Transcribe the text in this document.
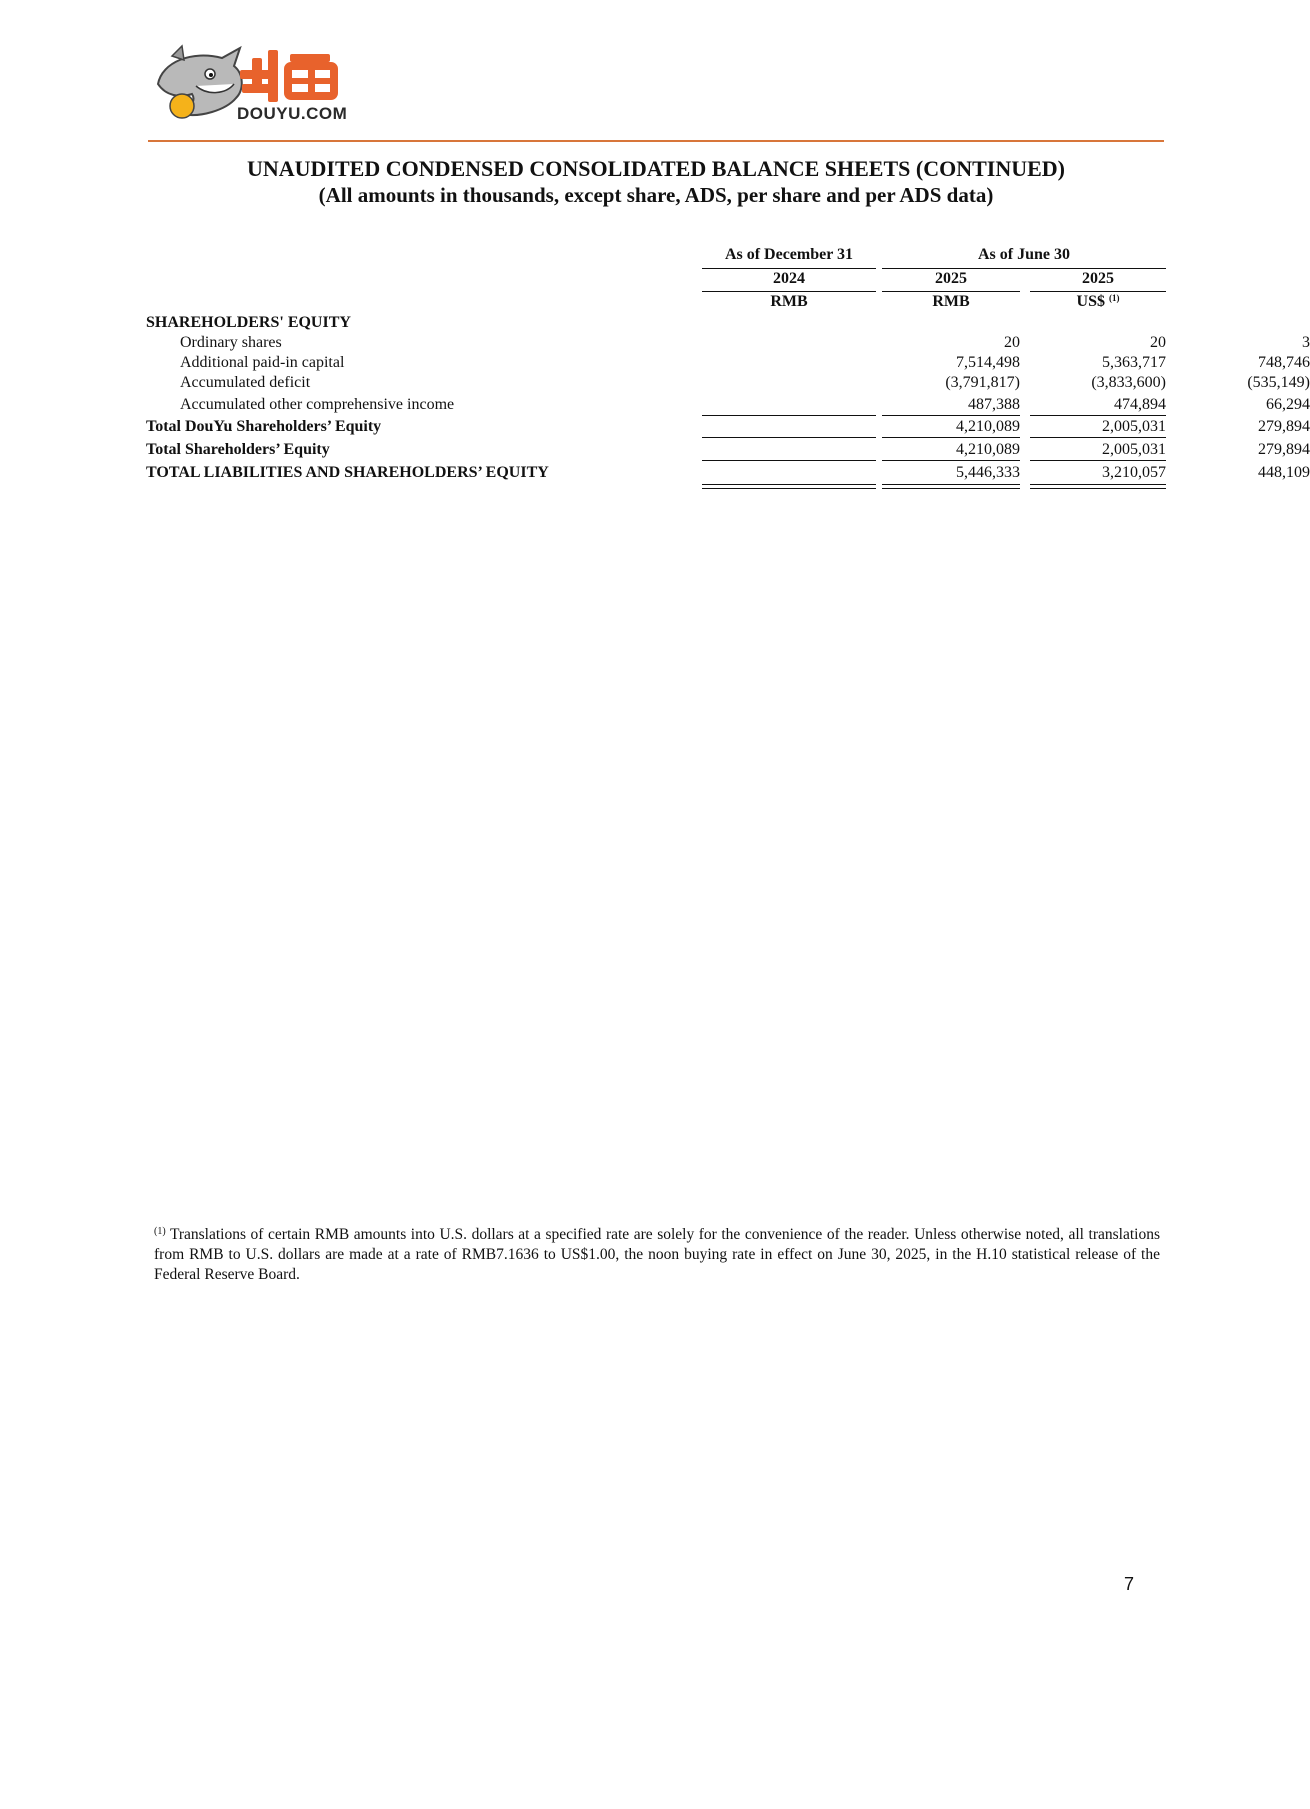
DOUYU.COM
UNAUDITED CONDENSED CONSOLIDATED BALANCE SHEETS (CONTINUED)
(All amounts in thousands, except share, ADS, per share and per ADS data)
As of December 31	As of June 30
2024	2025	2025
RMB	RMB	US$ $^{(1)}$
SHAREHOLDERS' EQUITY
Ordinary shares	20	20	3
Additional paid-in capital	7,514,498	5,363,717	748,746
Accumulated deficit	(3,791,817)	(3,833,600)	(535,149)
Accumulated other comprehensive income	487,388	474,894	66,294
Total DouYu Shareholders’ Equity	4,210,089	2,005,031	279,894
Total Shareholders’ Equity	4,210,089	2,005,031	279,894
TOTAL LIABILITIES AND SHAREHOLDERS’ EQUITY	5,446,333	3,210,057	448,109
$^{(1)}$ Translations of certain RMB amounts into U.S. dollars at a specified rate are solely for the convenience of the reader. Unless otherwise noted, all translations from RMB to U.S. dollars are made at a rate of RMB7.1636 to US$1.00, the noon buying rate in effect on June 30, 2025, in the H.10 statistical release of the Federal Reserve Board.
7
